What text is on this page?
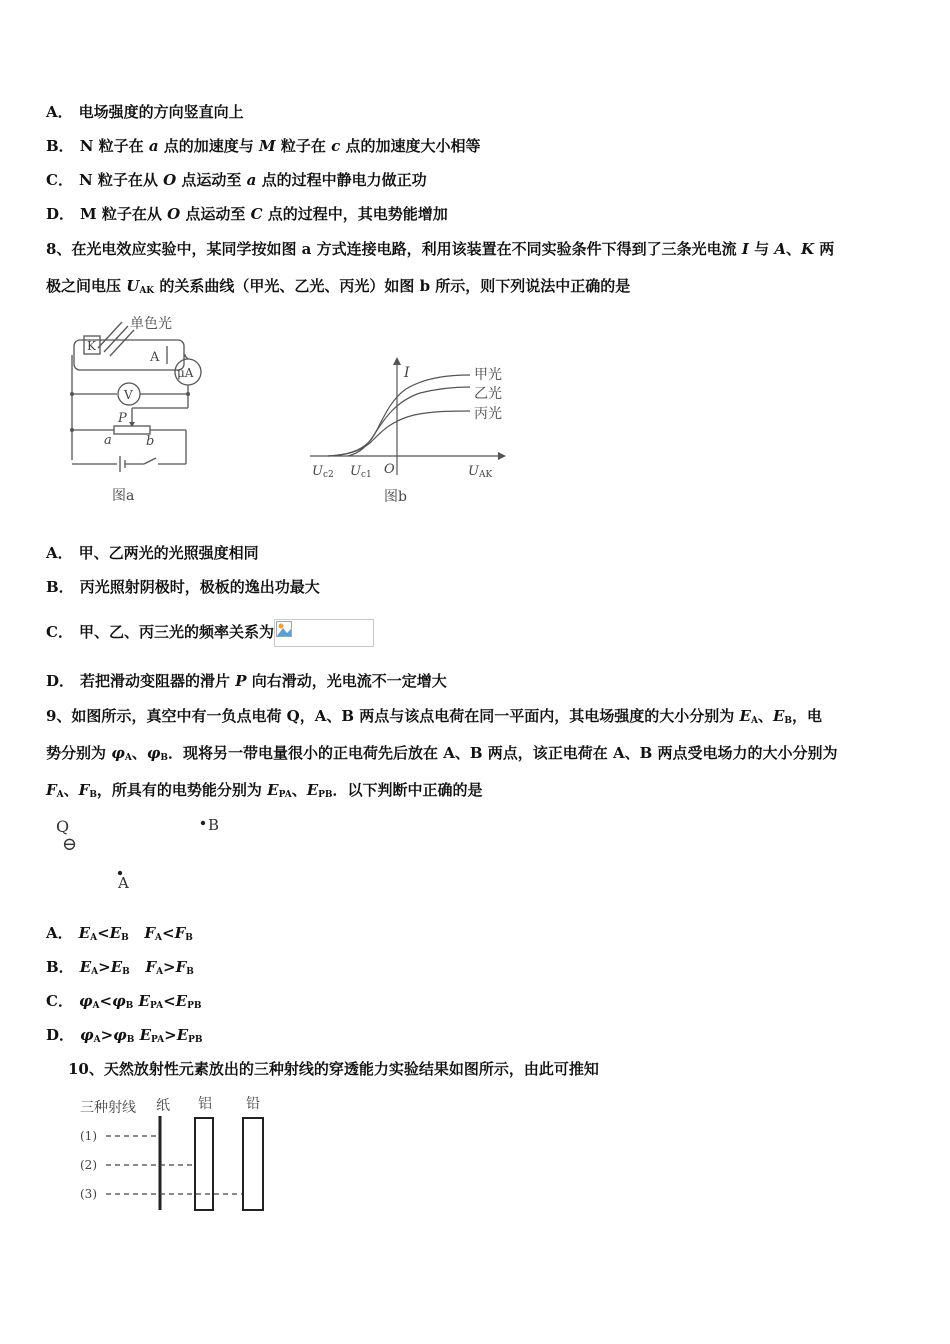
A． 电场强度的方向竖直向上
B． N 粒子在 a 点的加速度与 M 粒子在 c 点的加速度大小相等
C． N 粒子在从 O 点运动至 a 点的过程中静电力做正功
D． M 粒子在从 O 点运动至 C 点的过程中，其电势能增加
8、在光电效应实验中，某同学按如图 a 方式连接电路，利用该装置在不同实验条件下得到了三条光电流 I 与 A、K 两
极之间电压 $U_{AK}$ 的关系曲线（甲光、乙光、丙光）如图 b 所示，则下列说法中正确的是
单色光
K
A
μA
V
P
a	b
图a
I	甲光
乙光
丙光
Uc2 Uc1 O	UAK
图b
A． 甲、乙两光的光照强度相同
B． 丙光照射阴极时，极板的逸出功最大
C． 甲、乙、丙三光的频率关系为
D． 若把滑动变阻器的滑片 P 向右滑动，光电流不一定增大
9、如图所示，真空中有一负点电荷 Q，A、B 两点与该点电荷在同一平面内，其电场强度的大小分别为 $E_A$、$E_B$，电
势分别为 $\varphi_A$、$\varphi_B$．现将另一带电量很小的正电荷先后放在 A、B 两点，该正电荷在 A、B 两点受电场力的大小分别为
$F_A$、$F_B$，所具有的电势能分别为 $E_{PA}$、$E_{PB}$．以下判断中正确的是
Q
⊖
B
A
A． $E_A<E_B$ $F_A<F_B$
B． $E_A>E_B$ $F_A>F_B$
C． $\varphi_A<\varphi_B$ $E_{PA}<E_{PB}$
D． $\varphi_A>\varphi_B$ $E_{PA}>E_{PB}$
10、天然放射性元素放出的三种射线的穿透能力实验结果如图所示，由此可推知
三种射线 纸 铝 铅
(1)
(2)
(3)
